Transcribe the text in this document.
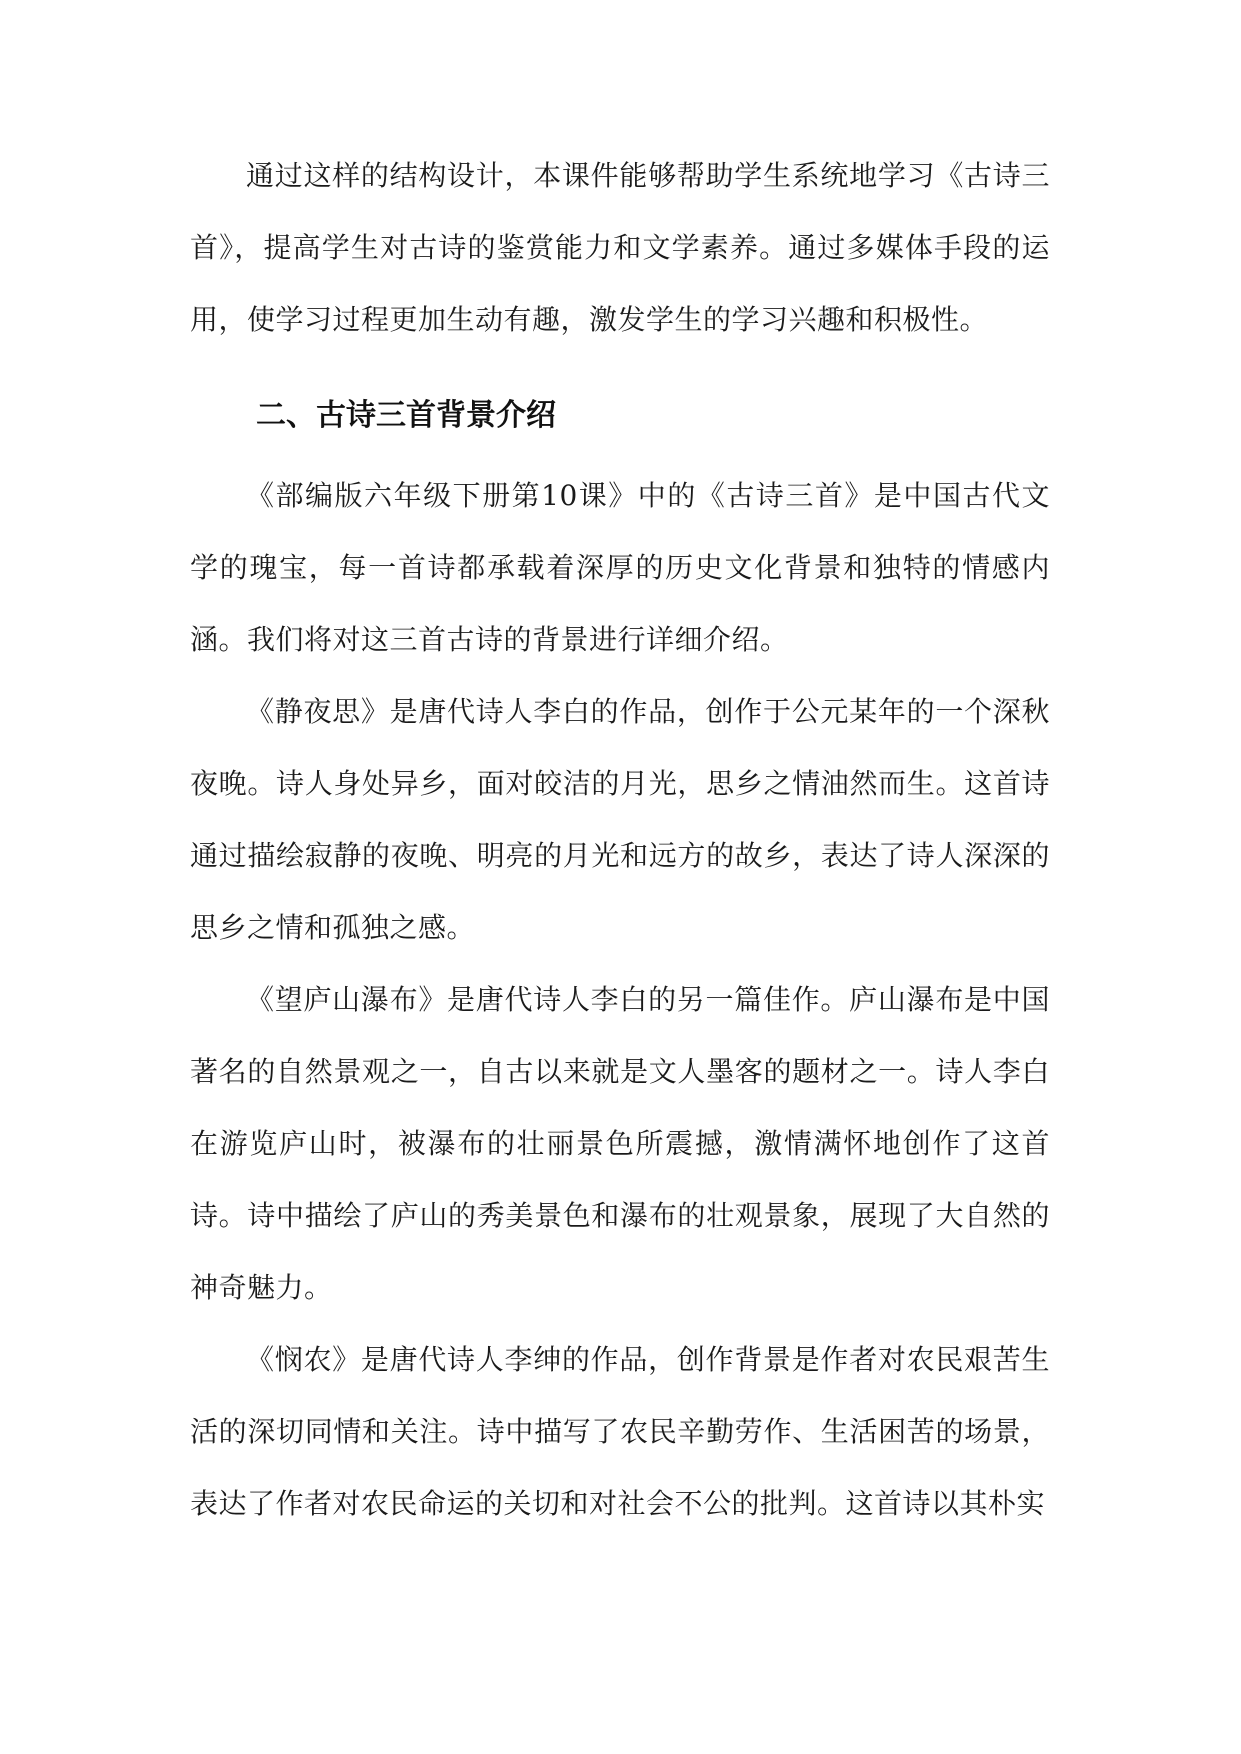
通过这样的结构设计，本课件能够帮助学生系统地学习《古诗三首》，提高学生对古诗的鉴赏能力和文学素养。通过多媒体手段的运用，使学习过程更加生动有趣，激发学生的学习兴趣和积极性。

二、古诗三首背景介绍

《部编版六年级下册第10课》中的《古诗三首》是中国古代文学的瑰宝，每一首诗都承载着深厚的历史文化背景和独特的情感内涵。我们将对这三首古诗的背景进行详细介绍。

《静夜思》是唐代诗人李白的作品，创作于公元某年的一个深秋夜晚。诗人身处异乡，面对皎洁的月光，思乡之情油然而生。这首诗通过描绘寂静的夜晚、明亮的月光和远方的故乡，表达了诗人深深的思乡之情和孤独之感。

《望庐山瀑布》是唐代诗人李白的另一篇佳作。庐山瀑布是中国著名的自然景观之一，自古以来就是文人墨客的题材之一。诗人李白在游览庐山时，被瀑布的壮丽景色所震撼，激情满怀地创作了这首诗。诗中描绘了庐山的秀美景色和瀑布的壮观景象，展现了大自然的神奇魅力。

《悯农》是唐代诗人李绅的作品，创作背景是作者对农民艰苦生活的深切同情和关注。诗中描写了农民辛勤劳作、生活困苦的场景，表达了作者对农民命运的关切和对社会不公的批判。这首诗以其朴实
